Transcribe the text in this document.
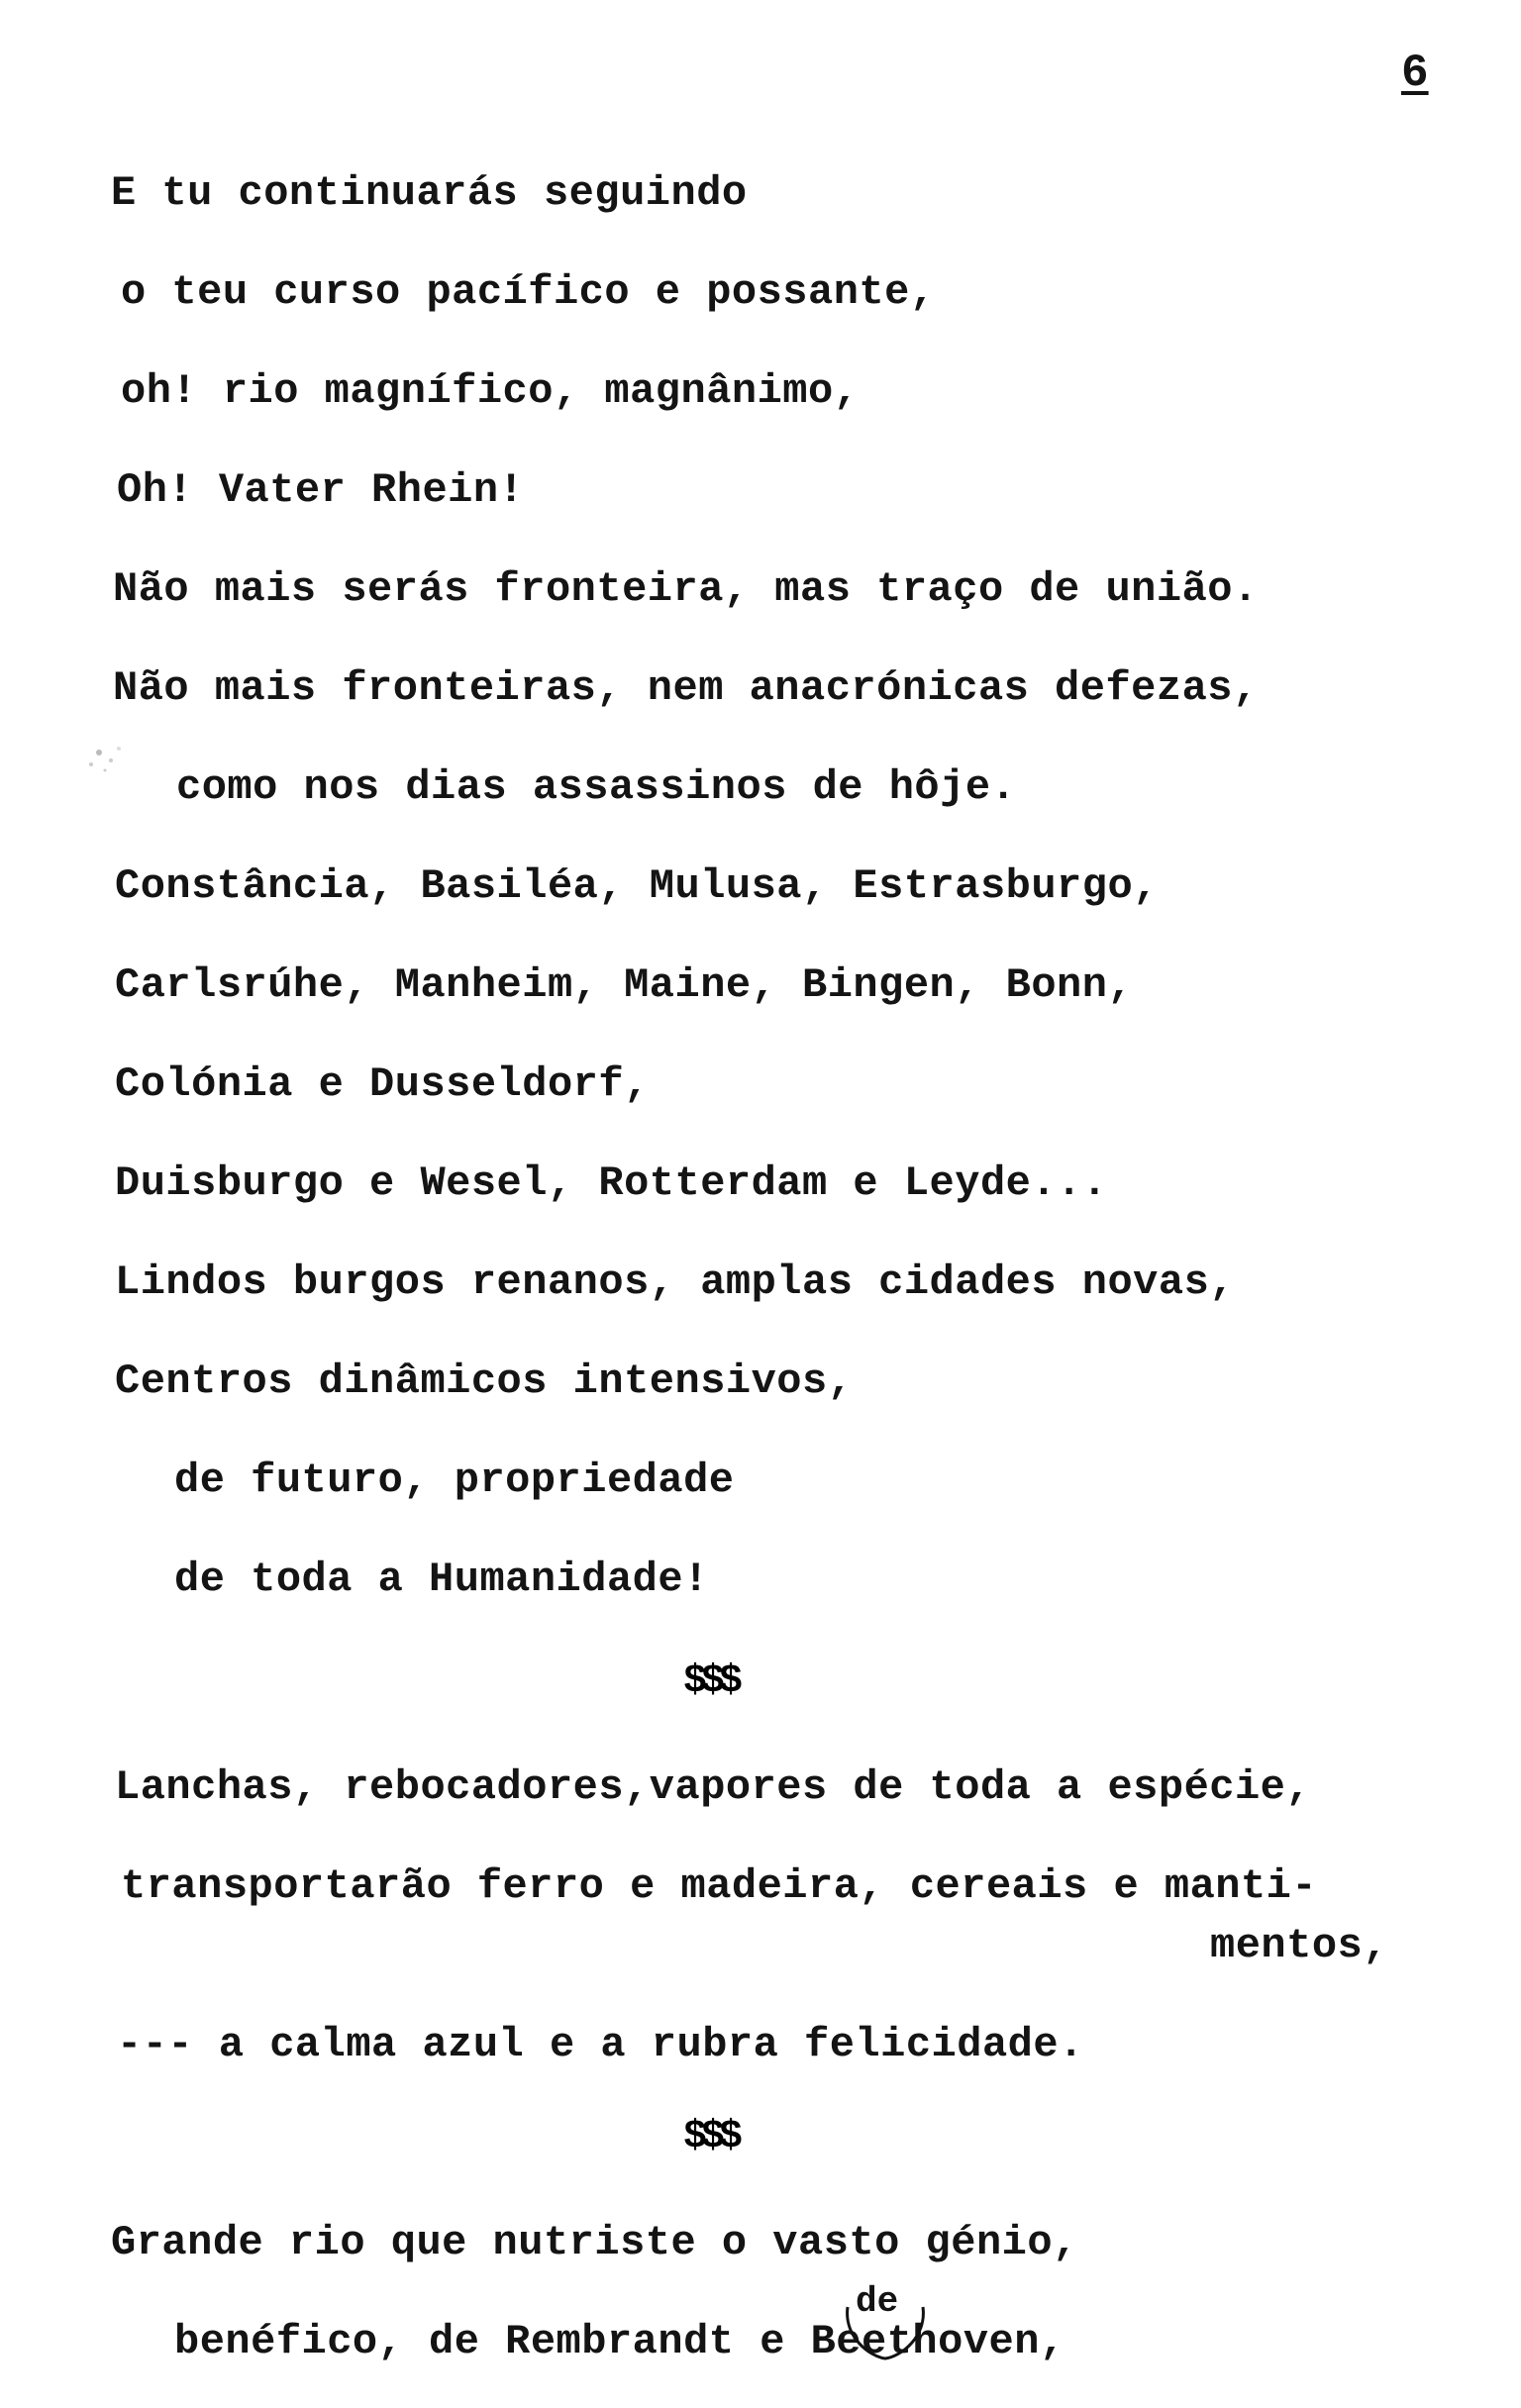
6
E tu continuarás seguindo
o teu curso pacífico e possante,
oh! rio magnífico, magnânimo,
Oh! Vater Rhein!
Não mais serás fronteira, mas traço de união.
Não mais fronteiras, nem anacrónicas defezas,
como nos dias assassinos de hôje.
Constância, Basiléa, Mulusa, Estrasburgo,
Carlsrúhe, Manheim, Maine, Bingen, Bonn,
Colónia e Dusseldorf,
Duisburgo e Wesel, Rotterdam e Leyde...
Lindos burgos renanos, amplas cidades novas,
Centros dinâmicos intensivos,
de futuro, propriedade
de toda a Humanidade!
$$$
Lanchas, rebocadores,vapores de toda a espécie,
transportarão ferro e madeira, cereais e manti-
mentos,
--- a calma azul e a rubra felicidade.
$$$
Grande rio que nutriste o vasto génio,
benéfico, de Rembrandt e Beethoven,
de
